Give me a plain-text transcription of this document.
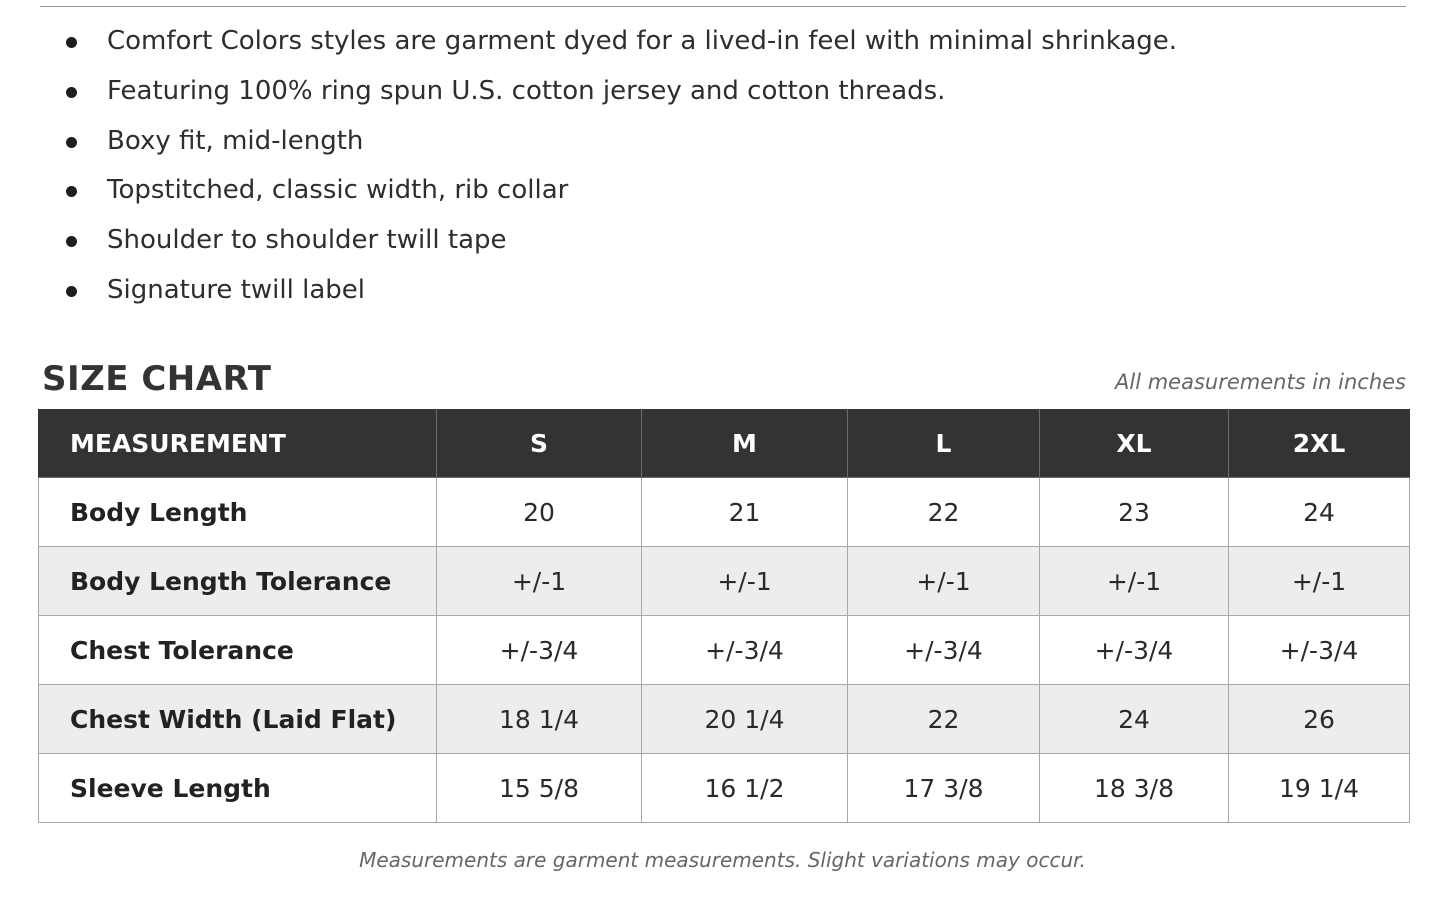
Comfort Colors styles are garment dyed for a lived-in feel with minimal shrinkage.
Featuring 100% ring spun U.S. cotton jersey and cotton threads.
Boxy fit, mid-length
Topstitched, classic width, rib collar
Shoulder to shoulder twill tape
Signature twill label
SIZE CHART	All measurements in inches
MEASUREMENT	S	M	L	XL	2XL
Body Length	20	21	22	23	24
Body Length Tolerance	+/-1	+/-1	+/-1	+/-1	+/-1
Chest Tolerance	+/-3/4	+/-3/4	+/-3/4	+/-3/4	+/-3/4
Chest Width (Laid Flat)	18 1/4	20 1/4	22	24	26
Sleeve Length	15 5/8	16 1/2	17 3/8	18 3/8	19 1/4
Measurements are garment measurements. Slight variations may occur.
